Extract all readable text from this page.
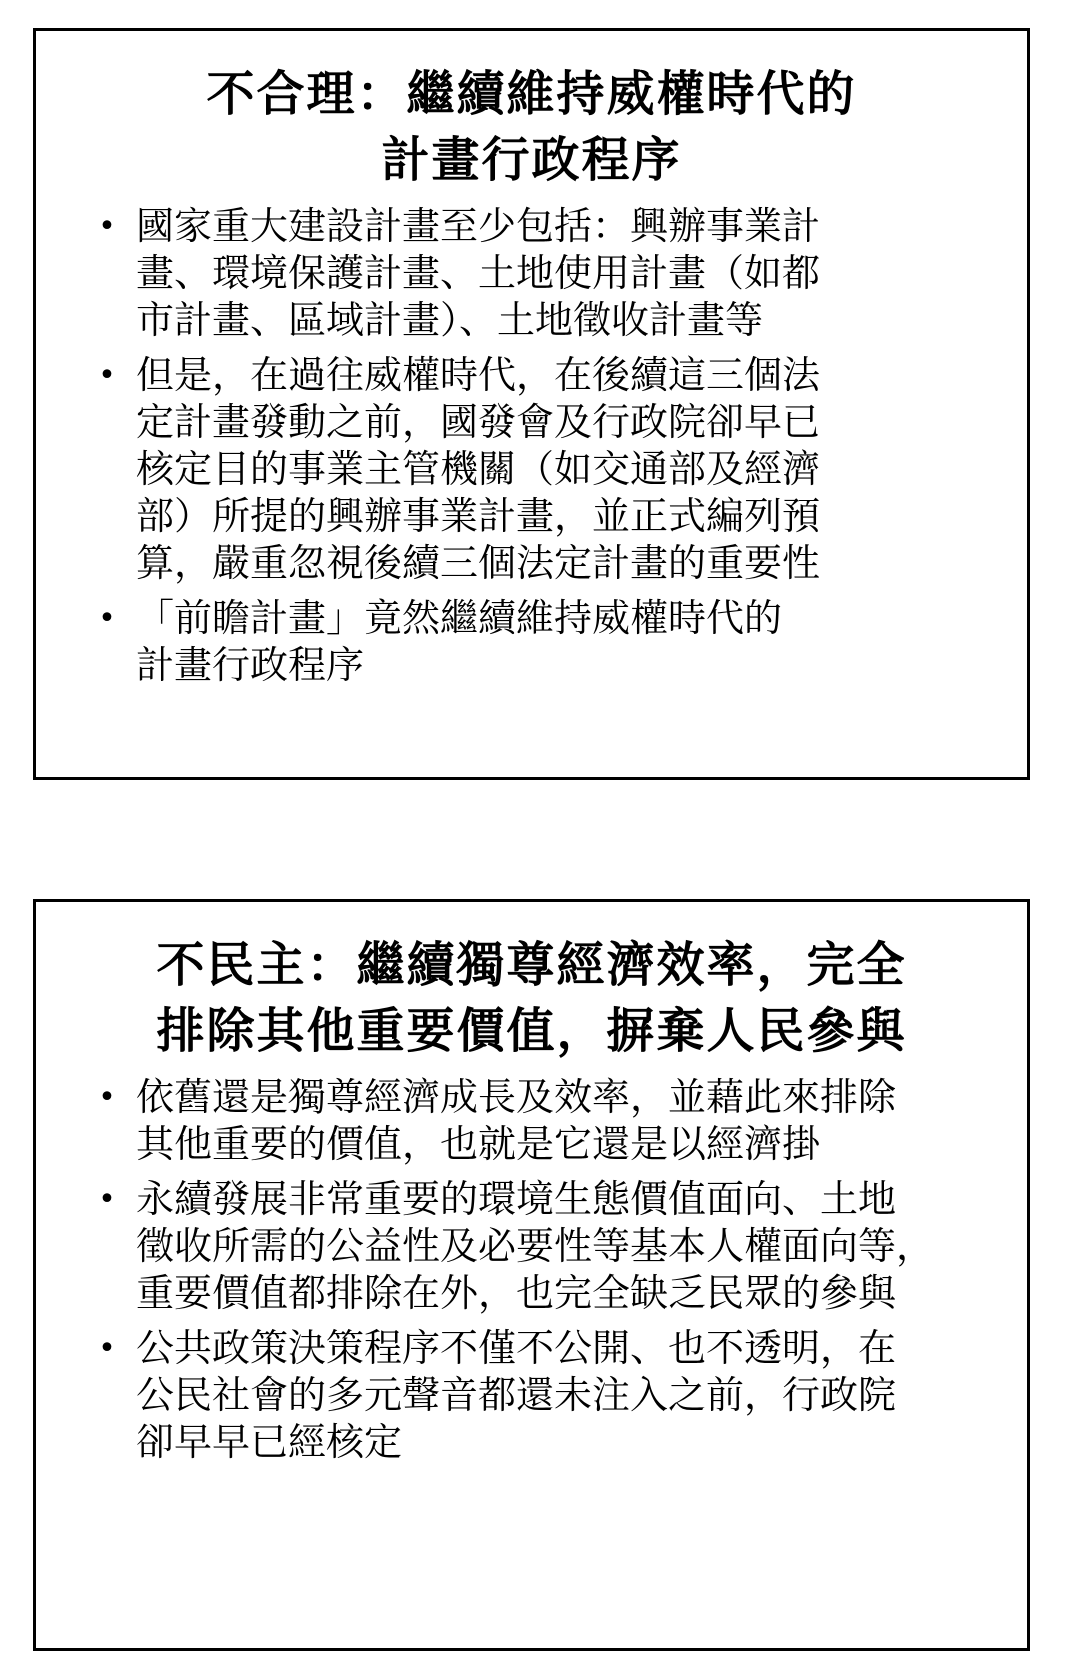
不合理：繼續維持威權時代的
計畫行政程序
• 國家重大建設計畫至少包括：興辦事業計
畫、環境保護計畫、土地使用計畫（如都
市計畫、區域計畫）、土地徵收計畫等
• 但是，在過往威權時代，在後續這三個法
定計畫發動之前，國發會及行政院卻早已
核定目的事業主管機關（如交通部及經濟
部）所提的興辦事業計畫，並正式編列預
算，嚴重忽視後續三個法定計畫的重要性
• 「前瞻計畫」竟然繼續維持威權時代的
計畫行政程序
不民主：繼續獨尊經濟效率，完全
排除其他重要價值，摒棄人民參與
• 依舊還是獨尊經濟成長及效率，並藉此來排除
其他重要的價值，也就是它還是以經濟掛
• 永續發展非常重要的環境生態價值面向、土地
徵收所需的公益性及必要性等基本人權面向等，
重要價值都排除在外，也完全缺乏民眾的參與
• 公共政策決策程序不僅不公開、也不透明，在
公民社會的多元聲音都還未注入之前，行政院
卻早早已經核定
